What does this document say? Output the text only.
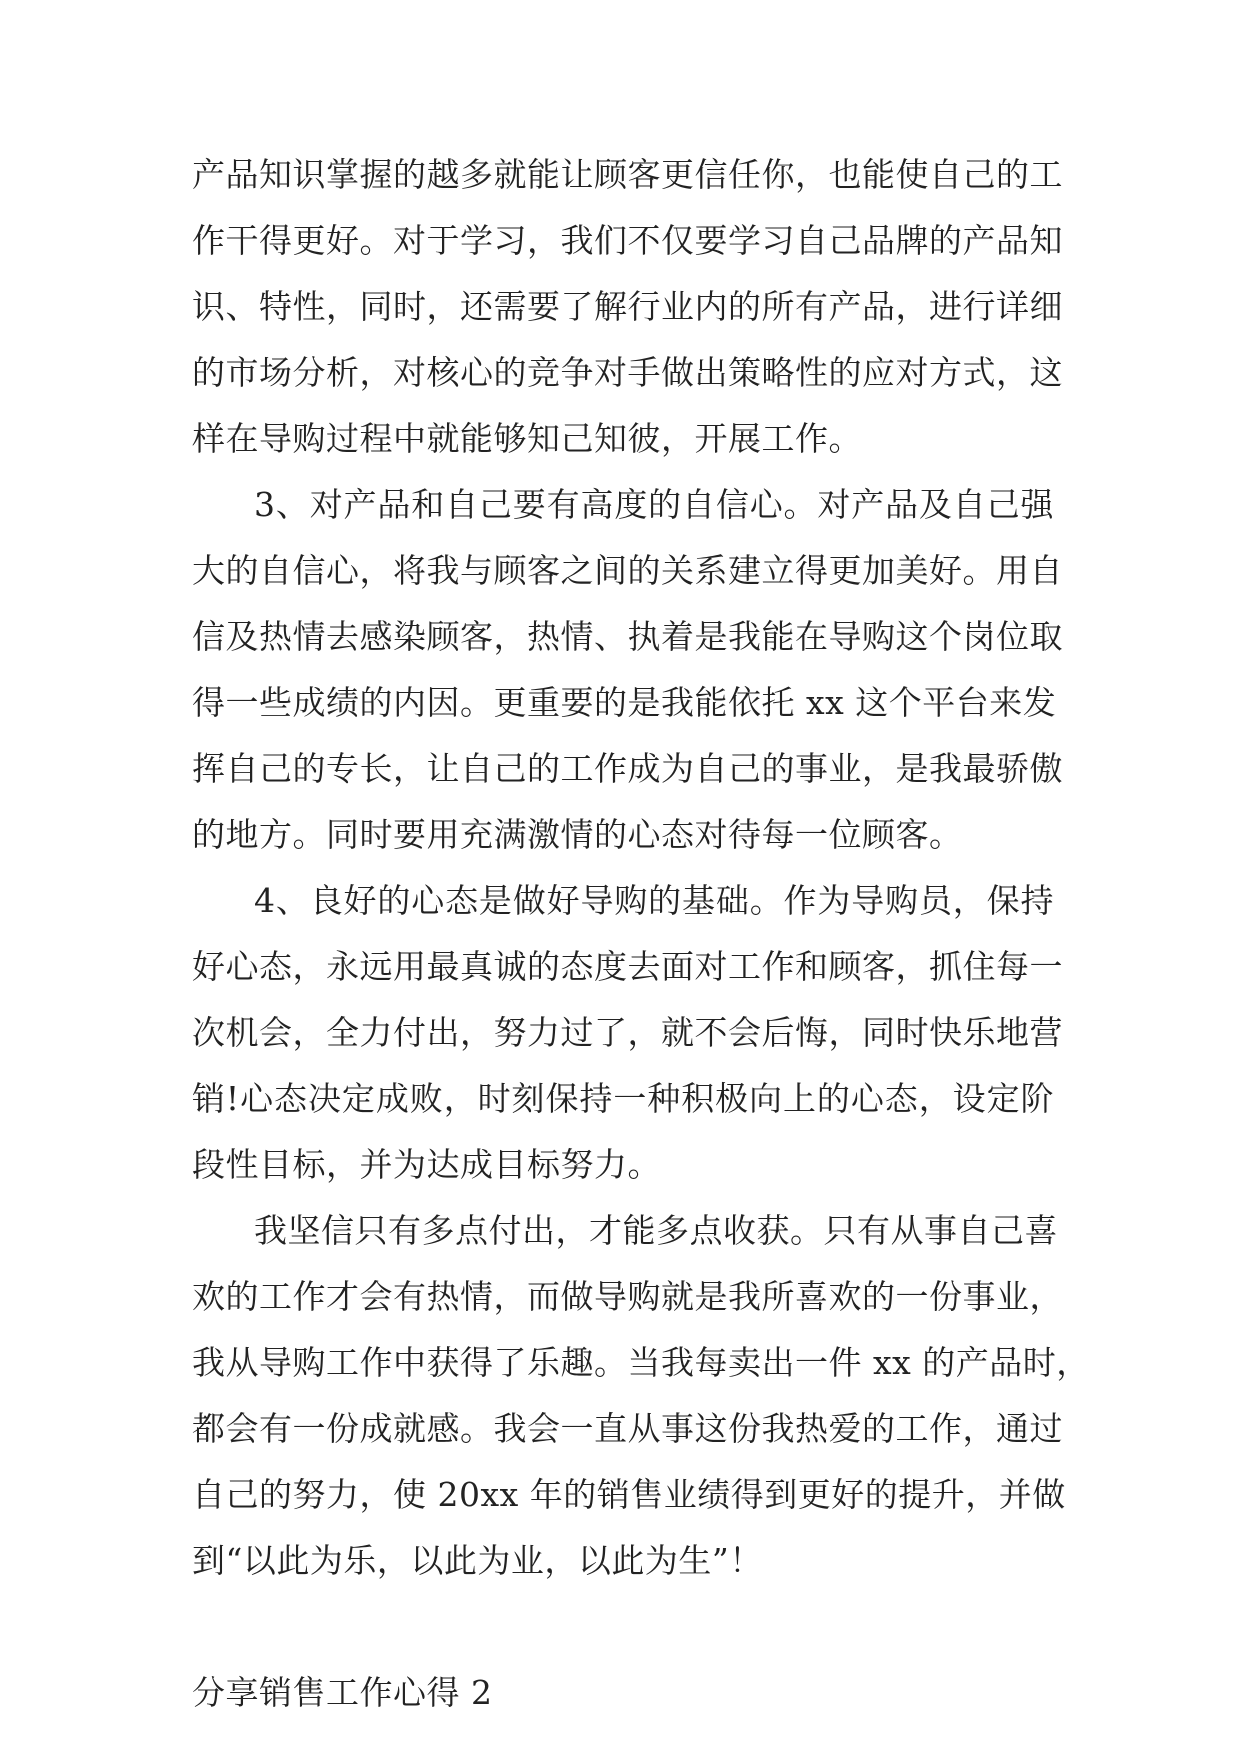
产品知识掌握的越多就能让顾客更信任你，也能使自己的工

作干得更好。对于学习，我们不仅要学习自己品牌的产品知

识、特性，同时，还需要了解行业内的所有产品，进行详细

的市场分析，对核心的竞争对手做出策略性的应对方式，这

样在导购过程中就能够知己知彼，开展工作。

3、对产品和自己要有高度的自信心。对产品及自己强

大的自信心，将我与顾客之间的关系建立得更加美好。用自

信及热情去感染顾客，热情、执着是我能在导购这个岗位取

得一些成绩的内因。更重要的是我能依托 xx 这个平台来发

挥自己的专长，让自己的工作成为自己的事业，是我最骄傲

的地方。同时要用充满激情的心态对待每一位顾客。

4、良好的心态是做好导购的基础。作为导购员，保持

好心态，永远用最真诚的态度去面对工作和顾客，抓住每一

次机会，全力付出，努力过了，就不会后悔，同时快乐地营

销!心态决定成败，时刻保持一种积极向上的心态，设定阶

段性目标，并为达成目标努力。

我坚信只有多点付出，才能多点收获。只有从事自己喜

欢的工作才会有热情，而做导购就是我所喜欢的一份事业，

我从导购工作中获得了乐趣。当我每卖出一件 xx 的产品时，

都会有一份成就感。我会一直从事这份我热爱的工作，通过

自己的努力，使 20xx 年的销售业绩得到更好的提升，并做

到“以此为乐，以此为业，以此为生”！

分享销售工作心得 2
